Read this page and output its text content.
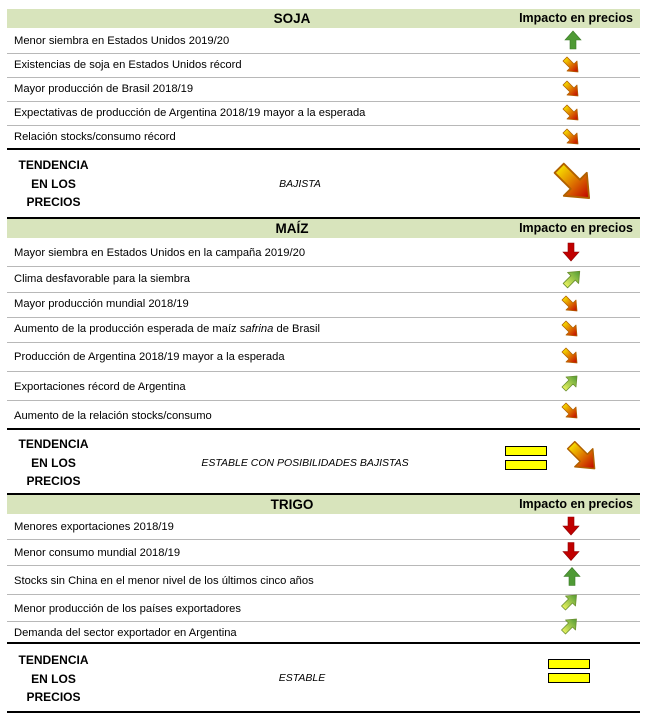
SOJA	Impacto en precios
Menor siembra en Estados Unidos 2019/20
Existencias de soja en Estados Unidos récord
Mayor producción de Brasil 2018/19
Expectativas de producción de Argentina 2018/19 mayor a la esperada
Relación stocks/consumo récord
TENDENCIA
EN LOS
PRECIOS
BAJISTA
MAÍZ	Impacto en precios
Mayor siembra en Estados Unidos en la campaña 2019/20
Clima desfavorable para la siembra
Mayor producción mundial 2018/19
Aumento de la producción esperada de maíz safrina de Brasil
Producción de Argentina 2018/19 mayor a la esperada
Exportaciones récord de Argentina
Aumento de la relación stocks/consumo
TENDENCIA
EN LOS
PRECIOS
ESTABLE CON POSIBILIDADES BAJISTAS
TRIGO	Impacto en precios
Menores exportaciones 2018/19
Menor consumo mundial 2018/19
Stocks sin China en el menor nivel de los últimos cinco años
Menor producción de los países exportadores
Demanda del sector exportador en Argentina
TENDENCIA
EN LOS
PRECIOS
ESTABLE
